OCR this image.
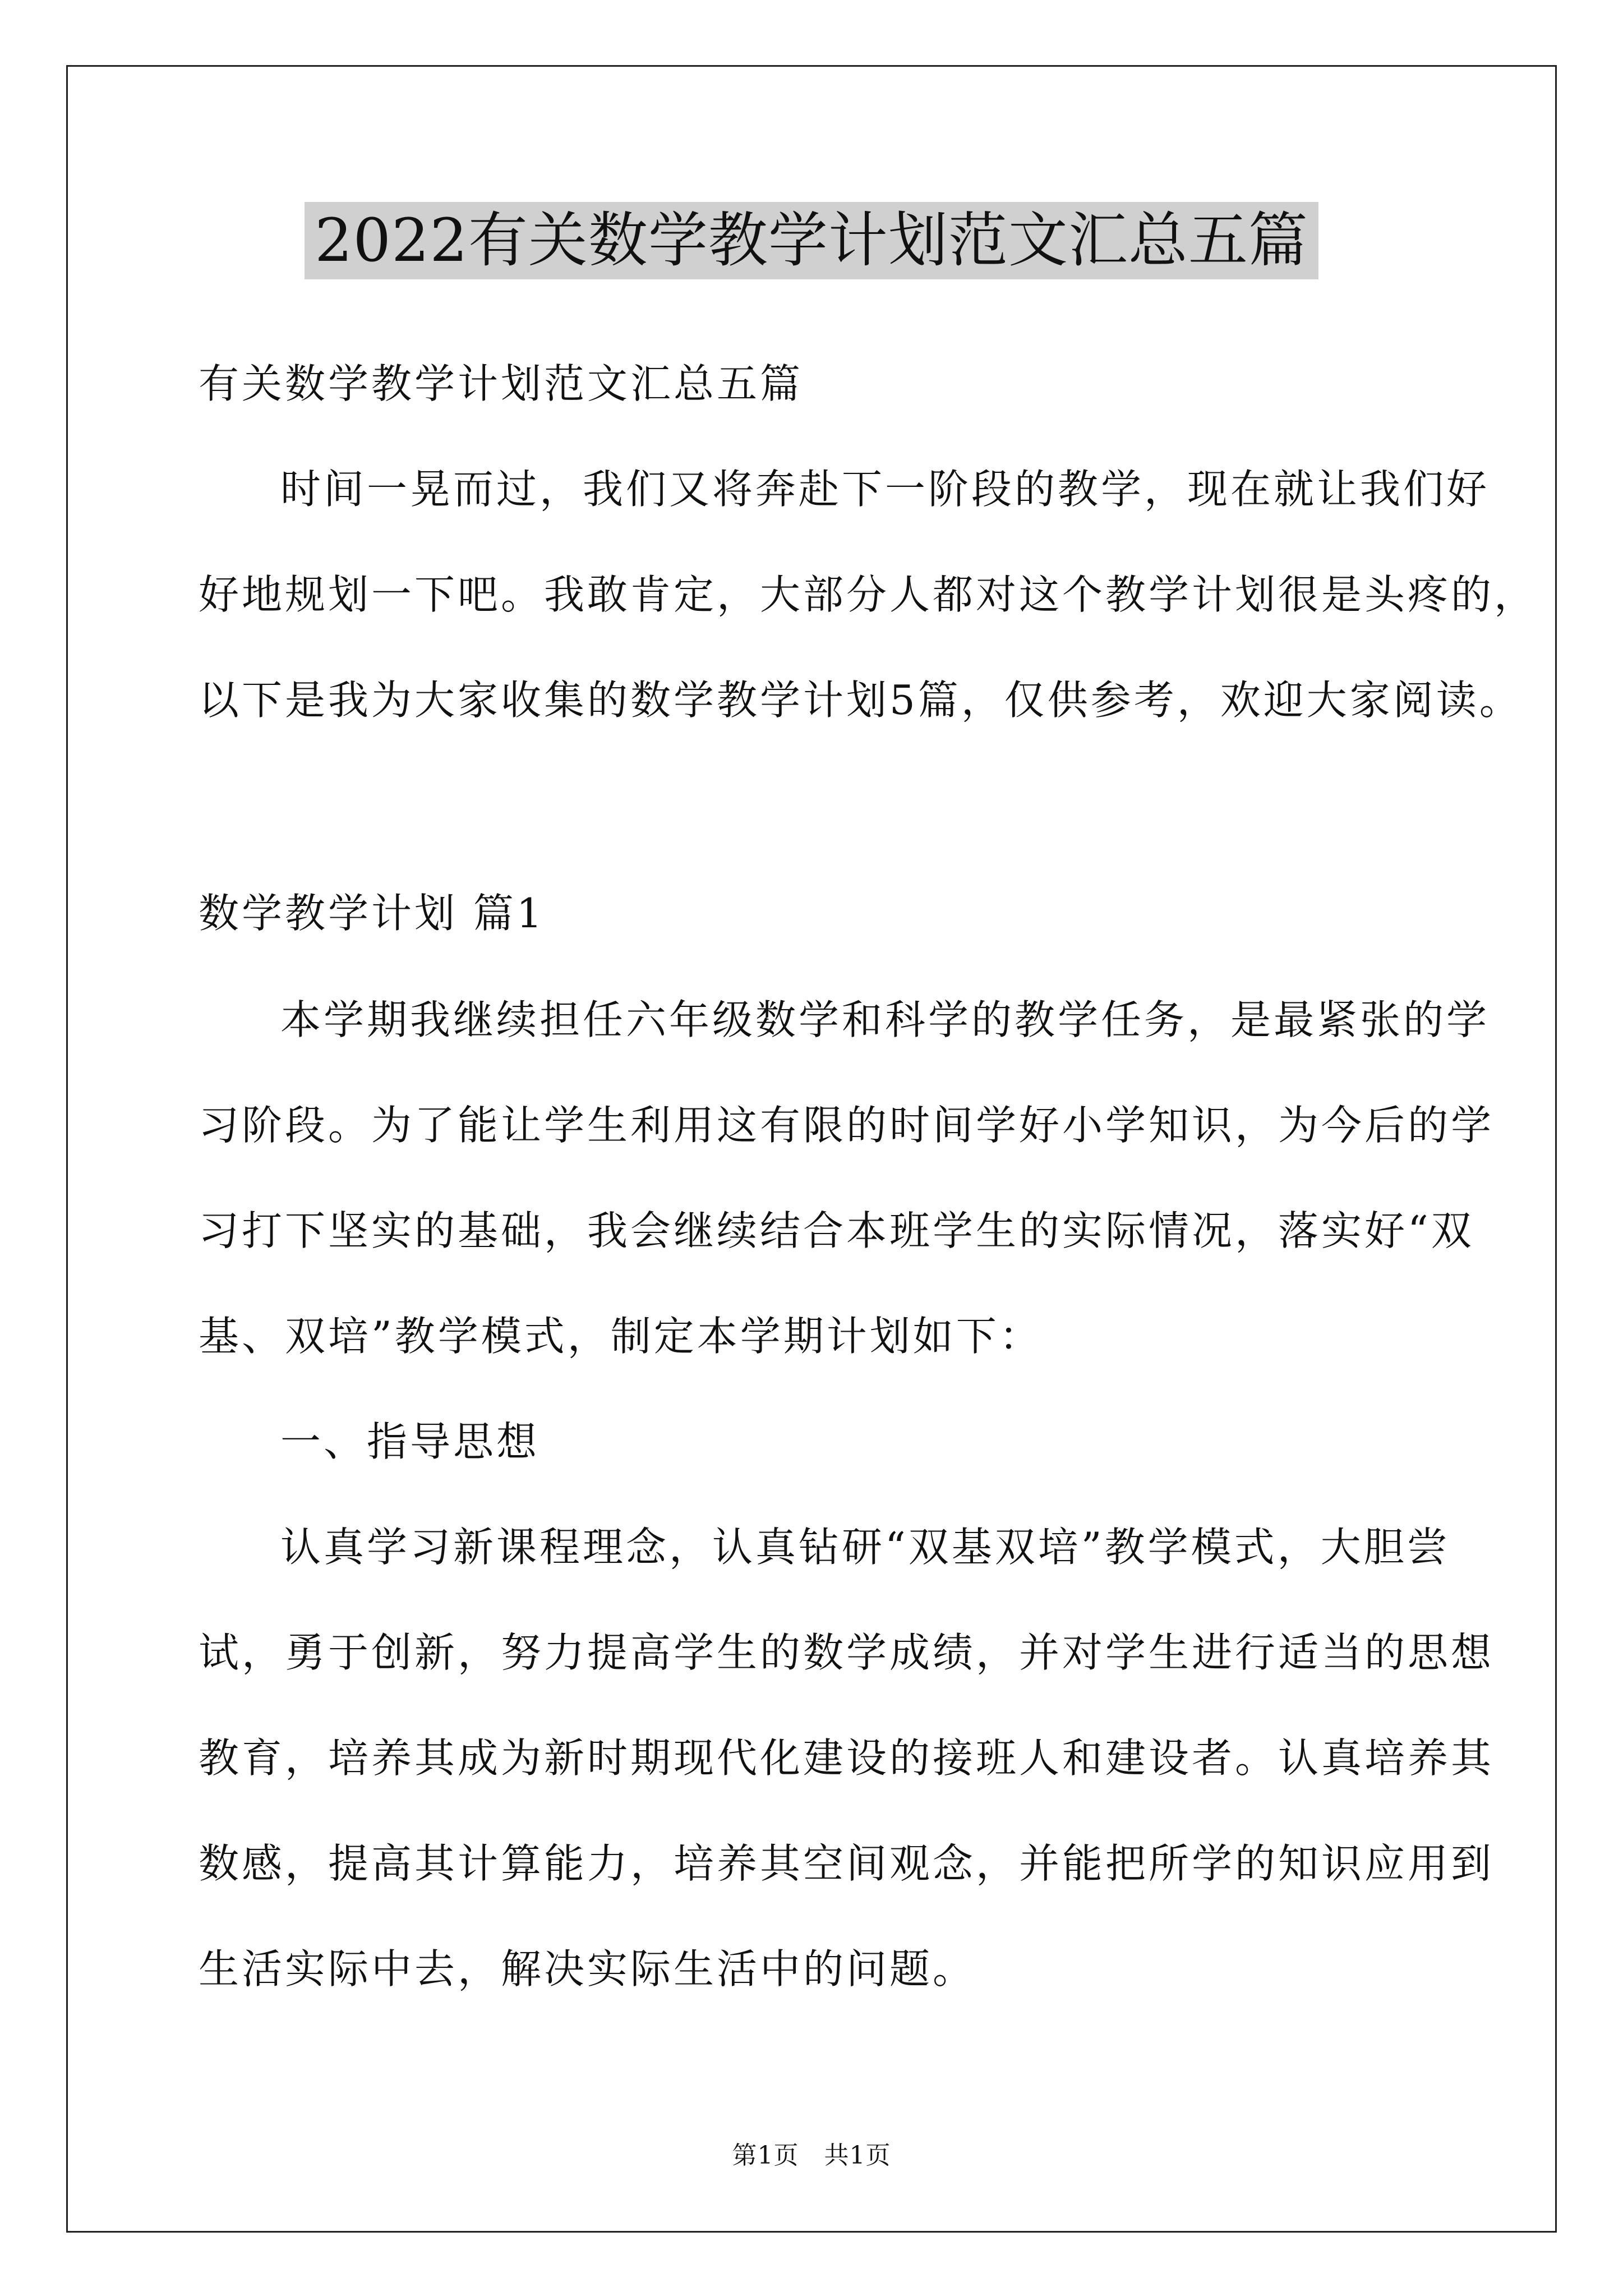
2022有关数学教学计划范文汇总五篇
有关数学教学计划范文汇总五篇
时间一晃而过，我们又将奔赴下一阶段的教学，现在就让我们好
好地规划一下吧。我敢肯定，大部分人都对这个教学计划很是头疼的，
以下是我为大家收集的数学教学计划5篇，仅供参考，欢迎大家阅读。
数学教学计划 篇1
本学期我继续担任六年级数学和科学的教学任务，是最紧张的学
习阶段。为了能让学生利用这有限的时间学好小学知识，为今后的学
习打下坚实的基础，我会继续结合本班学生的实际情况，落实好“双
基、双培”教学模式，制定本学期计划如下：
一、指导思想
认真学习新课程理念，认真钻研“双基双培”教学模式，大胆尝
试，勇于创新，努力提高学生的数学成绩，并对学生进行适当的思想
教育，培养其成为新时期现代化建设的接班人和建设者。认真培养其
数感，提高其计算能力，培养其空间观念，并能把所学的知识应用到
生活实际中去，解决实际生活中的问题。
第1页　共1页
